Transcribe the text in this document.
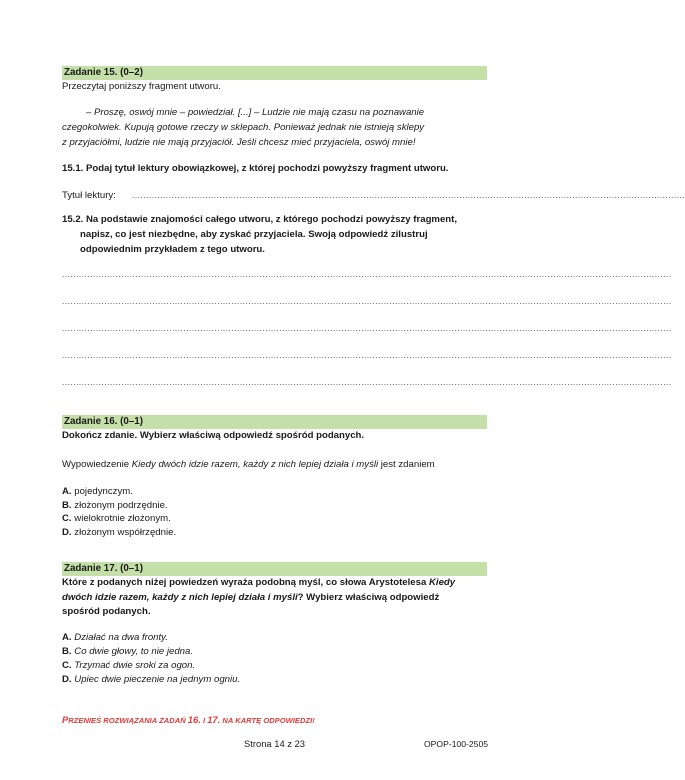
Zadanie 15. (0–2)
Przeczytaj poniższy fragment utworu.
– Proszę, oswój mnie – powiedział. [...] – Ludzie nie mają czasu na poznawanie
czegokolwiek. Kupują gotowe rzeczy w sklepach. Ponieważ jednak nie istnieją sklepy
z przyjaciółmi, ludzie nie mają przyjaciół. Jeśli chcesz mieć przyjaciela, oswój mnie!
15.1. Podaj tytuł lektury obowiązkowej, z której pochodzi powyższy fragment utworu.
Tytuł lektury: ....................................................................................................................................................................................................
15.2. Na podstawie znajomości całego utworu, z którego pochodzi powyższy fragment,
napisz, co jest niezbędne, aby zyskać przyjaciela. Swoją odpowiedź zilustruj
odpowiednim przykładem z tego utworu.
........................................................................................................................................................................................................................
........................................................................................................................................................................................................................
........................................................................................................................................................................................................................
........................................................................................................................................................................................................................
........................................................................................................................................................................................................................
Zadanie 16. (0–1)
Dokończ zdanie. Wybierz właściwą odpowiedź spośród podanych.
Wypowiedzenie Kiedy dwóch idzie razem, każdy z nich lepiej działa i myśli jest zdaniem
A. pojedynczym.
B. złożonym podrzędnie.
C. wielokrotnie złożonym.
D. złożonym współrzędnie.
Zadanie 17. (0–1)
Które z podanych niżej powiedzeń wyraża podobną myśl, co słowa Arystotelesa Kiedy
dwóch idzie razem, każdy z nich lepiej działa i myśli? Wybierz właściwą odpowiedź
spośród podanych.
A. Działać na dwa fronty.
B. Co dwie głowy, to nie jedna.
C. Trzymać dwie sroki za ogon.
D. Upiec dwie pieczenie na jednym ogniu.
PRZENIEŚ ROZWIĄZANIA ZADAŃ 16. I 17. NA KARTĘ ODPOWIEDZI!
Strona 14 z 23	OPOP-100-2505
